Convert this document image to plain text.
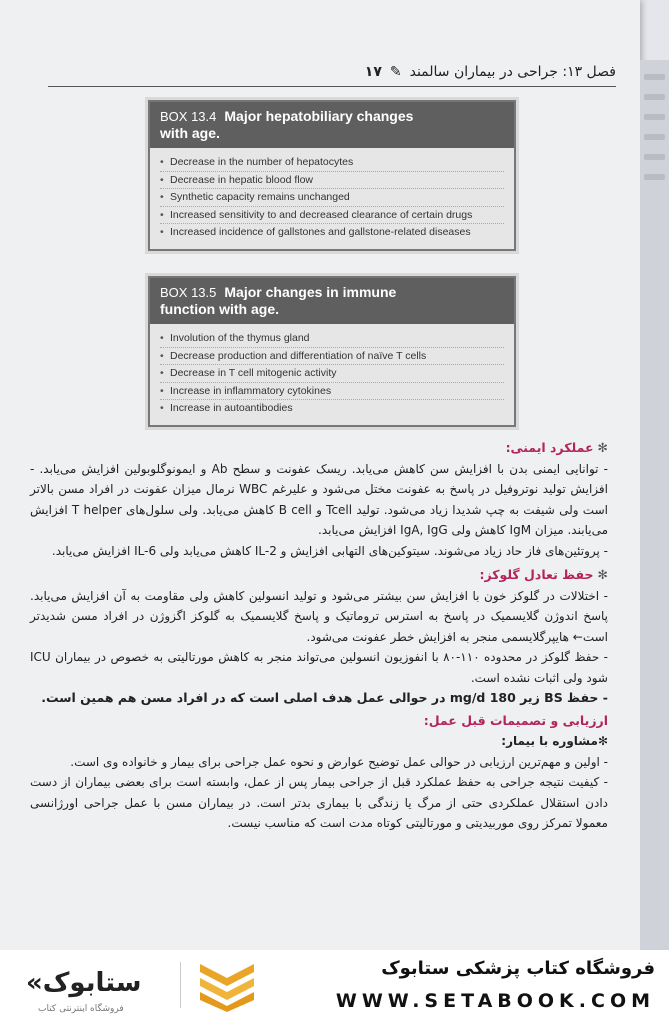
فصل ۱۳: جراحی در بیماران سالمند
✎
۱۷
BOX 13.4 Major hepatobiliary changes
with age.
• Decrease in the number of hepatocytes
• Decrease in hepatic blood flow
• Synthetic capacity remains unchanged
• Increased sensitivity to and decreased clearance of certain drugs
• Increased incidence of gallstones and gallstone-related diseases
BOX 13.5 Major changes in immune
function with age.
• Involution of the thymus gland
• Decrease production and differentiation of naïve T cells
• Decrease in T cell mitogenic activity
• Increase in inflammatory cytokines
• Increase in autoantibodies

✻عملکرد ایمنی:

- توانایی ایمنی بدن با افزایش سن کاهش می‌یابد. ریسک عفونت و سطح Ab و ایمونوگلوبولین افزایش می‌یابد. - افزایش تولید نوتروفیل در پاسخ به عفونت مختل می‌شود و علیرغم WBC نرمال میزان عفونت در افراد مسن بالاتر است ولی شیفت به چپ شدیدا زیاد می‌شود. تولید Tcell و B cell کاهش می‌یابد. ولی سلول‌های T helper افزایش می‌یابند. میزان IgM کاهش ولی IgA, IgG افزایش می‌یابد.

- پروتئین‌های فاز حاد زیاد می‌شوند. سیتوکین‌های التهابی افزایش و IL-2 کاهش می‌یابد ولی IL-6 افزایش می‌یابد.

✻حفظ تعادل گلوکز:

- اختلالات در گلوکز خون با افزایش سن بیشتر می‌شود و تولید انسولین کاهش ولی مقاومت به آن افزایش می‌یابد. پاسخ اندوژن گلایسمیک در پاسخ به استرس تروماتیک و پاسخ گلایسمیک به گلوکز اگزوژن در افراد مسن شدیدتر است← هایپرگلایسمی منجر به افزایش خطر عفونت می‌شود.

- حفظ گلوکز در محدوده ۱۱۰-۸۰ با انفوزیون انسولین می‌تواند منجر به کاهش مورتالیتی به خصوص در بیماران ICU شود ولی اثبات نشده است.

- حفظ BS زیر 180 mg/d در حوالی عمل هدف اصلی است که در افراد مسن هم همین است.

ارزیابی و تصمیمات قبل عمل:

✻مشاوره با بیمار:

- اولین و مهم‌ترین ارزیابی در حوالی عمل توضیح عوارض و نحوه عمل جراحی برای بیمار و خانواده وی است.

- کیفیت نتیجه جراحی به حفظ عملکرد قبل از جراحی بیمار پس از عمل، وابسته است برای بعضی بیماران از دست دادن استقلال عملکردی حتی از مرگ یا زندگی با بیماری بدتر است. در بیماران مسن با عمل جراحی اورژانسی معمولا تمرکز روی موربیدیتی و مورتالیتی کوتاه مدت است که مناسب نیست.

«ستابوک
فروشگاه اینترنتی کتاب
فروشگاه کتاب پزشکی ستابوک
WWW.SETABOOK.COM
